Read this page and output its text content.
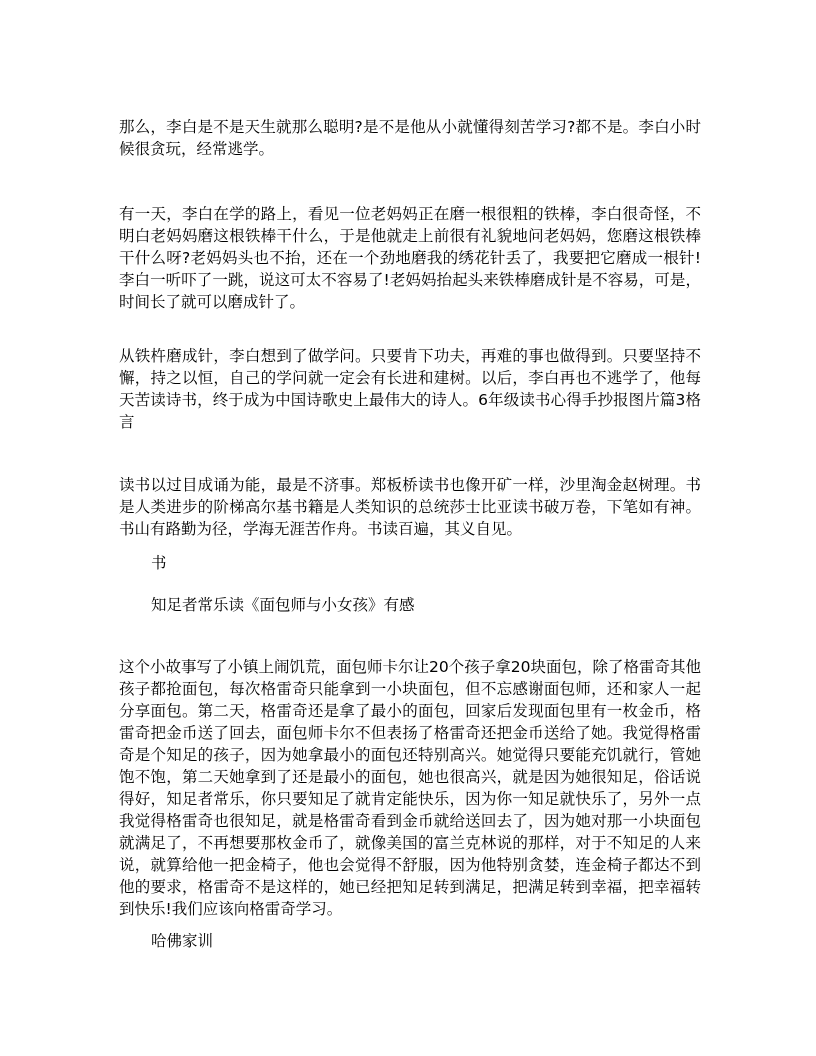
那么，李白是不是天生就那么聪明?是不是他从小就懂得刻苦学习?都不是。李白小时候很贪玩，经常逃学。

有一天，李白在学的路上，看见一位老妈妈正在磨一根很粗的铁棒，李白很奇怪，不明白老妈妈磨这根铁棒干什么，于是他就走上前很有礼貌地问老妈妈，您磨这根铁棒干什么呀?老妈妈头也不抬，还在一个劲地磨我的绣花针丢了，我要把它磨成一根针!李白一听吓了一跳，说这可太不容易了!老妈妈抬起头来铁棒磨成针是不容易，可是，时间长了就可以磨成针了。

从铁杵磨成针，李白想到了做学问。只要肯下功夫，再难的事也做得到。只要坚持不懈，持之以恒，自己的学问就一定会有长进和建树。以后，李白再也不逃学了，他每天苦读诗书，终于成为中国诗歌史上最伟大的诗人。6年级读书心得手抄报图片篇3格言

读书以过目成诵为能，最是不济事。郑板桥读书也像开矿一样，沙里淘金赵树理。书是人类进步的阶梯高尔基书籍是人类知识的总统莎士比亚读书破万卷，下笔如有神。书山有路勤为径，学海无涯苦作舟。书读百遍，其义自见。

书

知足者常乐读《面包师与小女孩》有感

这个小故事写了小镇上闹饥荒，面包师卡尔让20个孩子拿20块面包，除了格雷奇其他孩子都抢面包，每次格雷奇只能拿到一小块面包，但不忘感谢面包师，还和家人一起分享面包。第二天，格雷奇还是拿了最小的面包，回家后发现面包里有一枚金币，格雷奇把金币送了回去，面包师卡尔不但表扬了格雷奇还把金币送给了她。我觉得格雷奇是个知足的孩子，因为她拿最小的面包还特别高兴。她觉得只要能充饥就行，管她饱不饱，第二天她拿到了还是最小的面包，她也很高兴，就是因为她很知足，俗话说得好，知足者常乐，你只要知足了就肯定能快乐，因为你一知足就快乐了，另外一点我觉得格雷奇也很知足，就是格雷奇看到金币就给送回去了，因为她对那一小块面包就满足了，不再想要那枚金币了，就像美国的富兰克林说的那样，对于不知足的人来说，就算给他一把金椅子，他也会觉得不舒服，因为他特别贪婪，连金椅子都达不到他的要求，格雷奇不是这样的，她已经把知足转到满足，把满足转到幸福，把幸福转到快乐!我们应该向格雷奇学习。

哈佛家训
